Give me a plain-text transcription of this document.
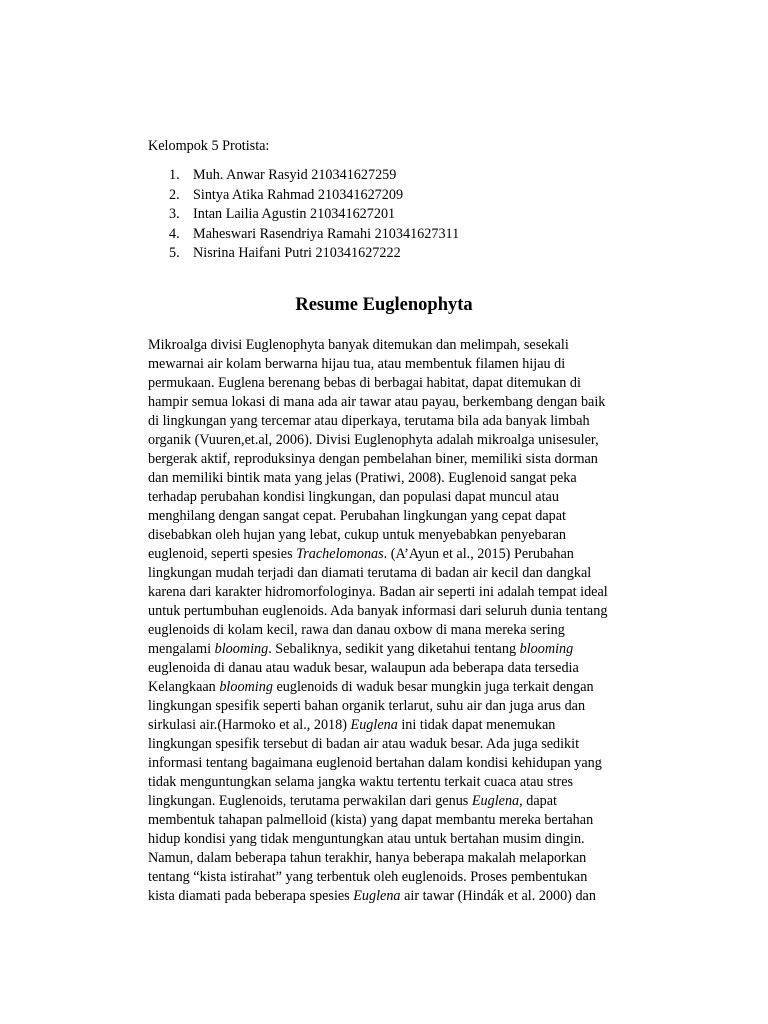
Kelompok 5 Protista:
1. Muh. Anwar Rasyid 210341627259
2. Sintya Atika Rahmad 210341627209
3. Intan Lailia Agustin 210341627201
4. Maheswari Rasendriya Ramahi 210341627311
5. Nisrina Haifani Putri 210341627222
Resume Euglenophyta
Mikroalga divisi Euglenophyta banyak ditemukan dan melimpah, sesekali
mewarnai air kolam berwarna hijau tua, atau membentuk filamen hijau di
permukaan. Euglena berenang bebas di berbagai habitat, dapat ditemukan di
hampir semua lokasi di mana ada air tawar atau payau, berkembang dengan baik
di lingkungan yang tercemar atau diperkaya, terutama bila ada banyak limbah
organik (Vuuren,et.al, 2006). Divisi Euglenophyta adalah mikroalga unisesuler,
bergerak aktif, reproduksinya dengan pembelahan biner, memiliki sista dorman
dan memiliki bintik mata yang jelas (Pratiwi, 2008). Euglenoid sangat peka
terhadap perubahan kondisi lingkungan, dan populasi dapat muncul atau
menghilang dengan sangat cepat. Perubahan lingkungan yang cepat dapat
disebabkan oleh hujan yang lebat, cukup untuk menyebabkan penyebaran
euglenoid, seperti spesies Trachelomonas. (A’Ayun et al., 2015) Perubahan
lingkungan mudah terjadi dan diamati terutama di badan air kecil dan dangkal
karena dari karakter hidromorfologinya. Badan air seperti ini adalah tempat ideal
untuk pertumbuhan euglenoids. Ada banyak informasi dari seluruh dunia tentang
euglenoids di kolam kecil, rawa dan danau oxbow di mana mereka sering
mengalami blooming. Sebaliknya, sedikit yang diketahui tentang blooming
euglenoida di danau atau waduk besar, walaupun ada beberapa data tersedia
Kelangkaan blooming euglenoids di waduk besar mungkin juga terkait dengan
lingkungan spesifik seperti bahan organik terlarut, suhu air dan juga arus dan
sirkulasi air.(Harmoko et al., 2018) Euglena ini tidak dapat menemukan
lingkungan spesifik tersebut di badan air atau waduk besar. Ada juga sedikit
informasi tentang bagaimana euglenoid bertahan dalam kondisi kehidupan yang
tidak menguntungkan selama jangka waktu tertentu terkait cuaca atau stres
lingkungan. Euglenoids, terutama perwakilan dari genus Euglena, dapat
membentuk tahapan palmelloid (kista) yang dapat membantu mereka bertahan
hidup kondisi yang tidak menguntungkan atau untuk bertahan musim dingin.
Namun, dalam beberapa tahun terakhir, hanya beberapa makalah melaporkan
tentang “kista istirahat” yang terbentuk oleh euglenoids. Proses pembentukan
kista diamati pada beberapa spesies Euglena air tawar (Hindák et al. 2000) dan
